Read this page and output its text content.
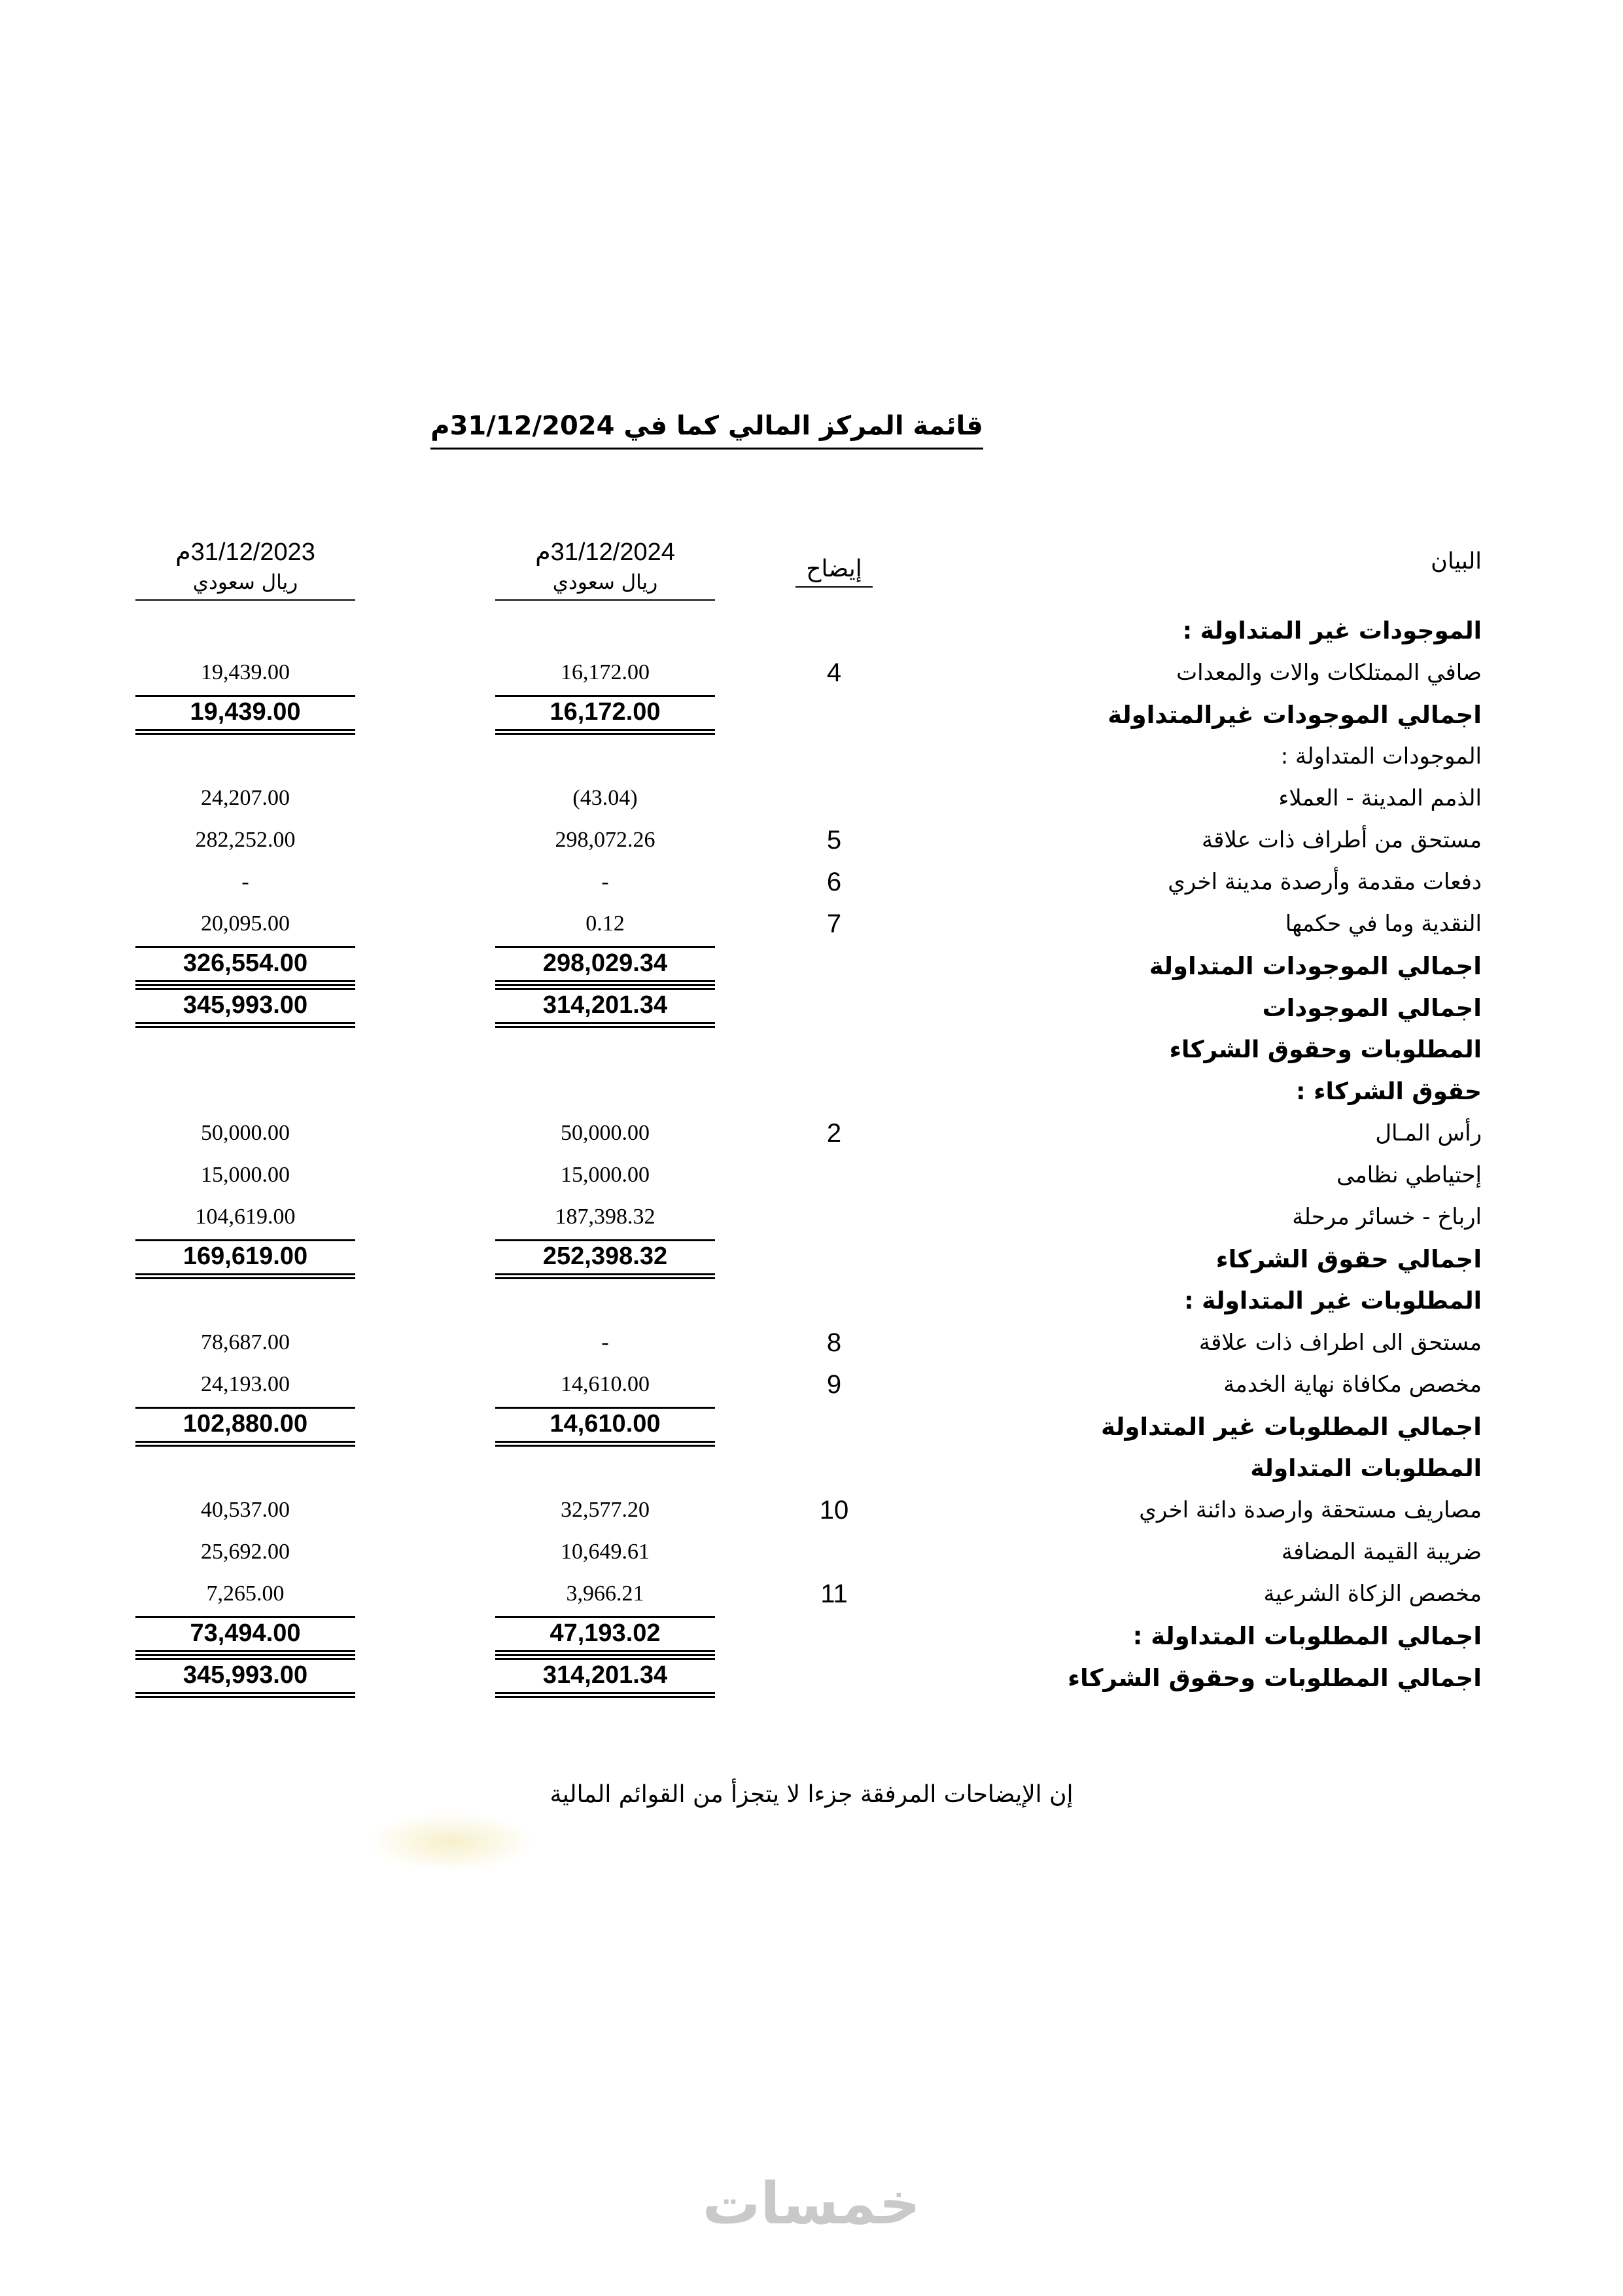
قائمة المركز المالي كما في 31/12/2024م
البيان
إيضاح
31/12/2024م
ريال سعودي
31/12/2023م
ريال سعودي
الموجودات غير المتداولة :
صافي الممتلكات والات والمعدات
4
16,172.00
19,439.00
اجمالي الموجودات غيرالمتداولة
16,172.00
19,439.00
الموجودات المتداولة :
الذمم المدينة - العملاء
(43.04)
24,207.00
مستحق من أطراف ذات علاقة
5
298,072.26
282,252.00
دفعات مقدمة وأرصدة مدينة اخري
6
-
-
النقدية وما في حكمها
7
0.12
20,095.00
اجمالي الموجودات المتداولة
298,029.34
326,554.00
اجمالي الموجودات
314,201.34
345,993.00
المطلوبات وحقوق الشركاء
حقوق الشركاء :
رأس المـال
2
50,000.00
50,000.00
إحتياطي نظامى
15,000.00
15,000.00
ارباخ - خسائر مرحلة
187,398.32
104,619.00
اجمالي حقوق الشركاء
252,398.32
169,619.00
المطلوبات غير المتداولة :
مستحق الى اطراف ذات علاقة
8
-
78,687.00
مخصص مكافاة نهاية الخدمة
9
14,610.00
24,193.00
اجمالي المطلوبات غير المتداولة
14,610.00
102,880.00
المطلوبات المتداولة
مصاريف مستحقة وارصدة دائنة اخري
10
32,577.20
40,537.00
ضريبة القيمة المضافة
10,649.61
25,692.00
مخصص الزكاة الشرعية
11
3,966.21
7,265.00
اجمالي المطلوبات المتداولة :
47,193.02
73,494.00
اجمالي المطلوبات وحقوق الشركاء
314,201.34
345,993.00
إن الإيضاحات المرفقة جزءا لا يتجزأ من القوائم المالية
خمسات
